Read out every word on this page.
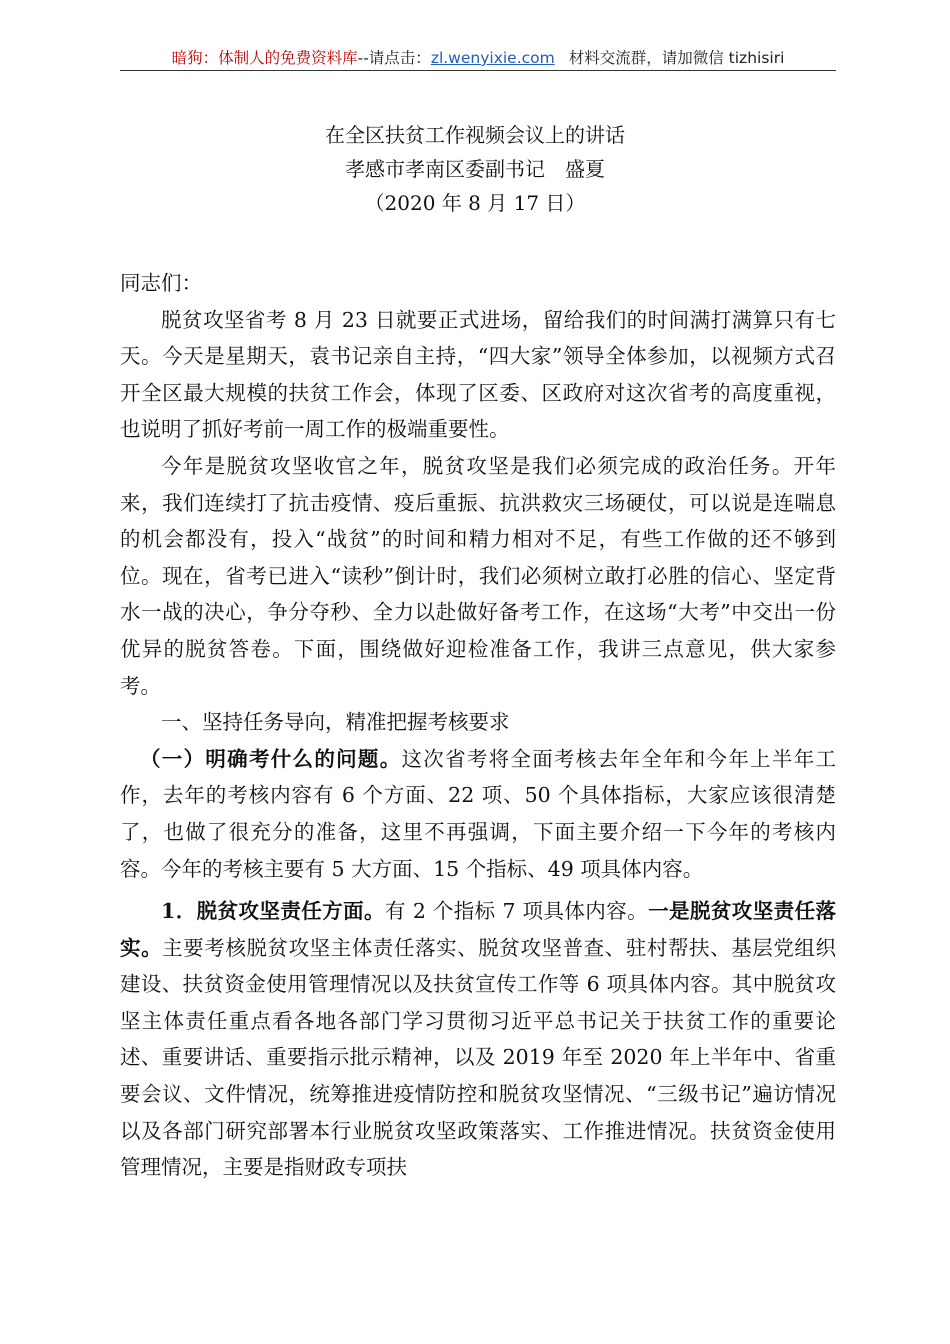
暗狗：体制人的免费资料库--请点击：zl.wenyixie.com 材料交流群，请加微信 tizhisiri
在全区扶贫工作视频会议上的讲话
孝感市孝南区委副书记　盛夏
（2020 年 8 月 17 日）

同志们：

脱贫攻坚省考 8 月 23 日就要正式进场，留给我们的时间满打满算只有七天。今天是星期天，袁书记亲自主持，“四大家”领导全体参加，以视频方式召开全区最大规模的扶贫工作会，体现了区委、区政府对这次省考的高度重视，也说明了抓好考前一周工作的极端重要性。

今年是脱贫攻坚收官之年，脱贫攻坚是我们必须完成的政治任务。开年来，我们连续打了抗击疫情、疫后重振、抗洪救灾三场硬仗，可以说是连喘息的机会都没有，投入“战贫”的时间和精力相对不足，有些工作做的还不够到位。现在，省考已进入“读秒”倒计时，我们必须树立敢打必胜的信心、坚定背水一战的决心，争分夺秒、全力以赴做好备考工作，在这场“大考”中交出一份优异的脱贫答卷。下面，围绕做好迎检准备工作，我讲三点意见，供大家参考。

一、坚持任务导向，精准把握考核要求

（一）明确考什么的问题。这次省考将全面考核去年全年和今年上半年工作，去年的考核内容有 6 个方面、22 项、50 个具体指标，大家应该很清楚了，也做了很充分的准备，这里不再强调，下面主要介绍一下今年的考核内容。今年的考核主要有 5 大方面、15 个指标、49 项具体内容。

1．脱贫攻坚责任方面。有 2 个指标 7 项具体内容。一是脱贫攻坚责任落实。主要考核脱贫攻坚主体责任落实、脱贫攻坚普查、驻村帮扶、基层党组织建设、扶贫资金使用管理情况以及扶贫宣传工作等 6 项具体内容。其中脱贫攻坚主体责任重点看各地各部门学习贯彻习近平总书记关于扶贫工作的重要论述、重要讲话、重要指示批示精神，以及 2019 年至 2020 年上半年中、省重要会议、文件情况，统筹推进疫情防控和脱贫攻坚情况、“三级书记”遍访情况以及各部门研究部署本行业脱贫攻坚政策落实、工作推进情况。扶贫资金使用管理情况，主要是指财政专项扶
